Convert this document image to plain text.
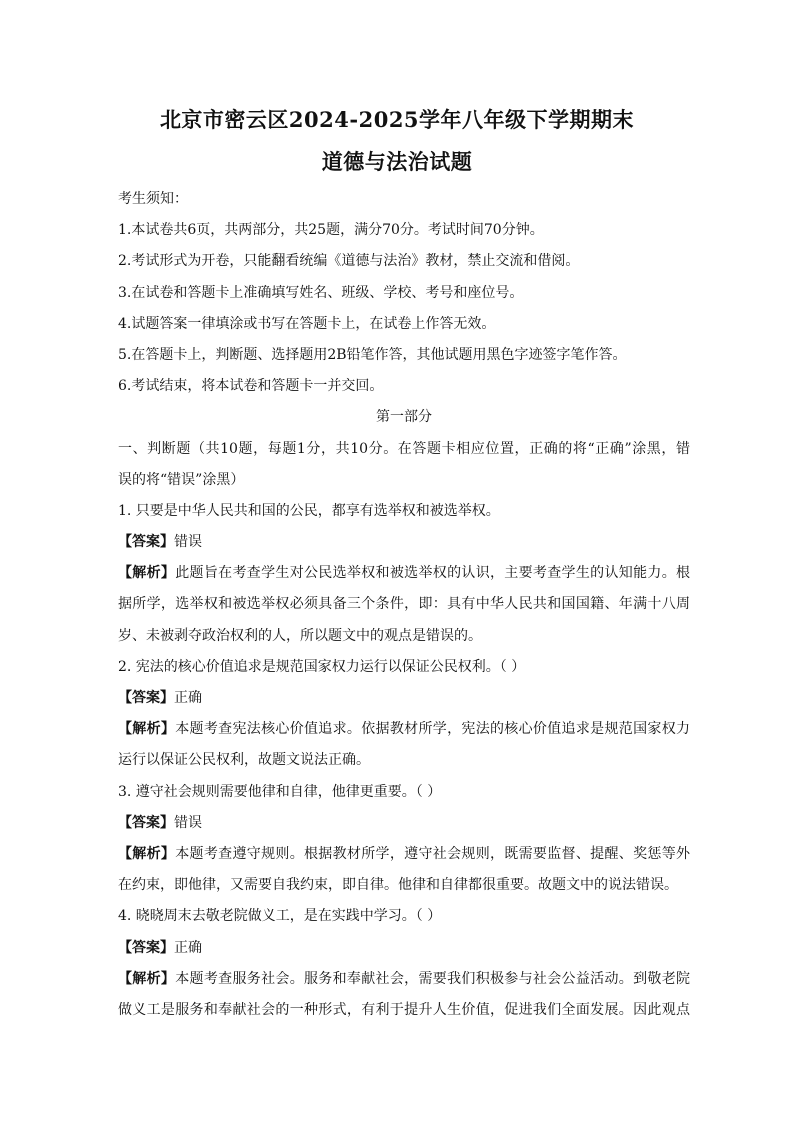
北京市密云区2024-2025学年八年级下学期期末
道德与法治试题
考生须知：
1.本试卷共6页，共两部分，共25题，满分70分。考试时间70分钟。
2.考试形式为开卷，只能翻看统编《道德与法治》教材，禁止交流和借阅。
3.在试卷和答题卡上准确填写姓名、班级、学校、考号和座位号。
4.试题答案一律填涂或书写在答题卡上，在试卷上作答无效。
5.在答题卡上，判断题、选择题用2B铅笔作答，其他试题用黑色字迹签字笔作答。
6.考试结束，将本试卷和答题卡一并交回。
第一部分
一、判断题（共10题，每题1分，共10分。在答题卡相应位置，正确的将“正确”涂黑，错
误的将“错误”涂黑）
1. 只要是中华人民共和国的公民，都享有选举权和被选举权。
【答案】错误
【解析】此题旨在考查学生对公民选举权和被选举权的认识，主要考查学生的认知能力。根
据所学，选举权和被选举权必须具备三个条件，即：具有中华人民共和国国籍、年满十八周
岁、未被剥夺政治权利的人，所以题文中的观点是错误的。
2. 宪法的核心价值追求是规范国家权力运行以保证公民权利。（ ）
【答案】正确
【解析】本题考查宪法核心价值追求。依据教材所学，宪法的核心价值追求是规范国家权力
运行以保证公民权利，故题文说法正确。
3. 遵守社会规则需要他律和自律，他律更重要。（ ）
【答案】错误
【解析】本题考查遵守规则。根据教材所学，遵守社会规则，既需要监督、提醒、奖惩等外
在约束，即他律，又需要自我约束，即自律。他律和自律都很重要。故题文中的说法错误。
4. 晓晓周末去敬老院做义工，是在实践中学习。（ ）
【答案】正确
【解析】本题考查服务社会。服务和奉献社会，需要我们积极参与社会公益活动。到敬老院
做义工是服务和奉献社会的一种形式，有利于提升人生价值，促进我们全面发展。因此观点
